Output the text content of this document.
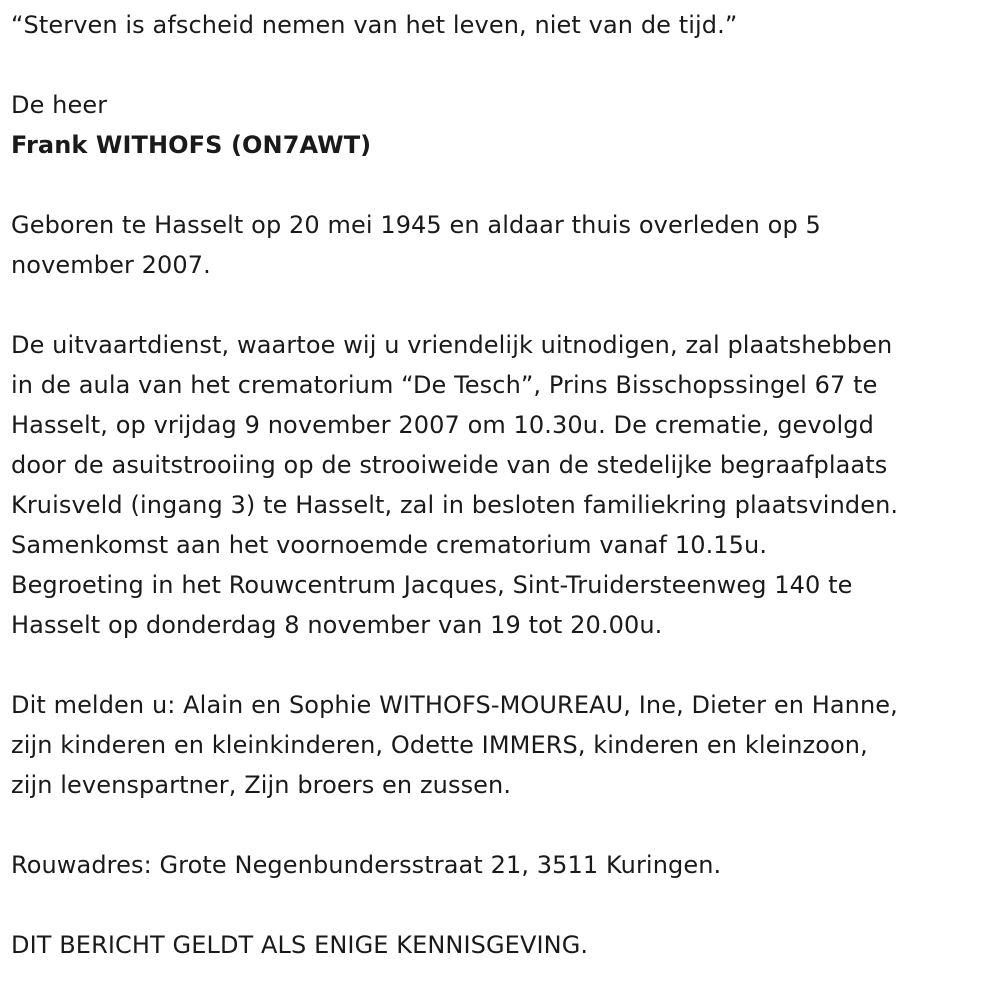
“Sterven is afscheid nemen van het leven, niet van de tijd.”

De heer

Frank WITHOFS (ON7AWT)

Geboren te Hasselt op 20 mei 1945 en aldaar thuis overleden op 5
november 2007.

De uitvaartdienst, waartoe wij u vriendelijk uitnodigen, zal plaatshebben
in de aula van het crematorium “De Tesch”, Prins Bisschopssingel 67 te
Hasselt, op vrijdag 9 november 2007 om 10.30u. De crematie, gevolgd
door de asuitstrooiing op de strooiweide van de stedelijke begraafplaats
Kruisveld (ingang 3) te Hasselt, zal in besloten familiekring plaatsvinden.
Samenkomst aan het voornoemde crematorium vanaf 10.15u.
Begroeting in het Rouwcentrum Jacques, Sint-Truidersteenweg 140 te
Hasselt op donderdag 8 november van 19 tot 20.00u.

Dit melden u: Alain en Sophie WITHOFS-MOUREAU, Ine, Dieter en Hanne,
zijn kinderen en kleinkinderen, Odette IMMERS, kinderen en kleinzoon,
zijn levenspartner, Zijn broers en zussen.

Rouwadres: Grote Negenbundersstraat 21, 3511 Kuringen.

DIT BERICHT GELDT ALS ENIGE KENNISGEVING.
